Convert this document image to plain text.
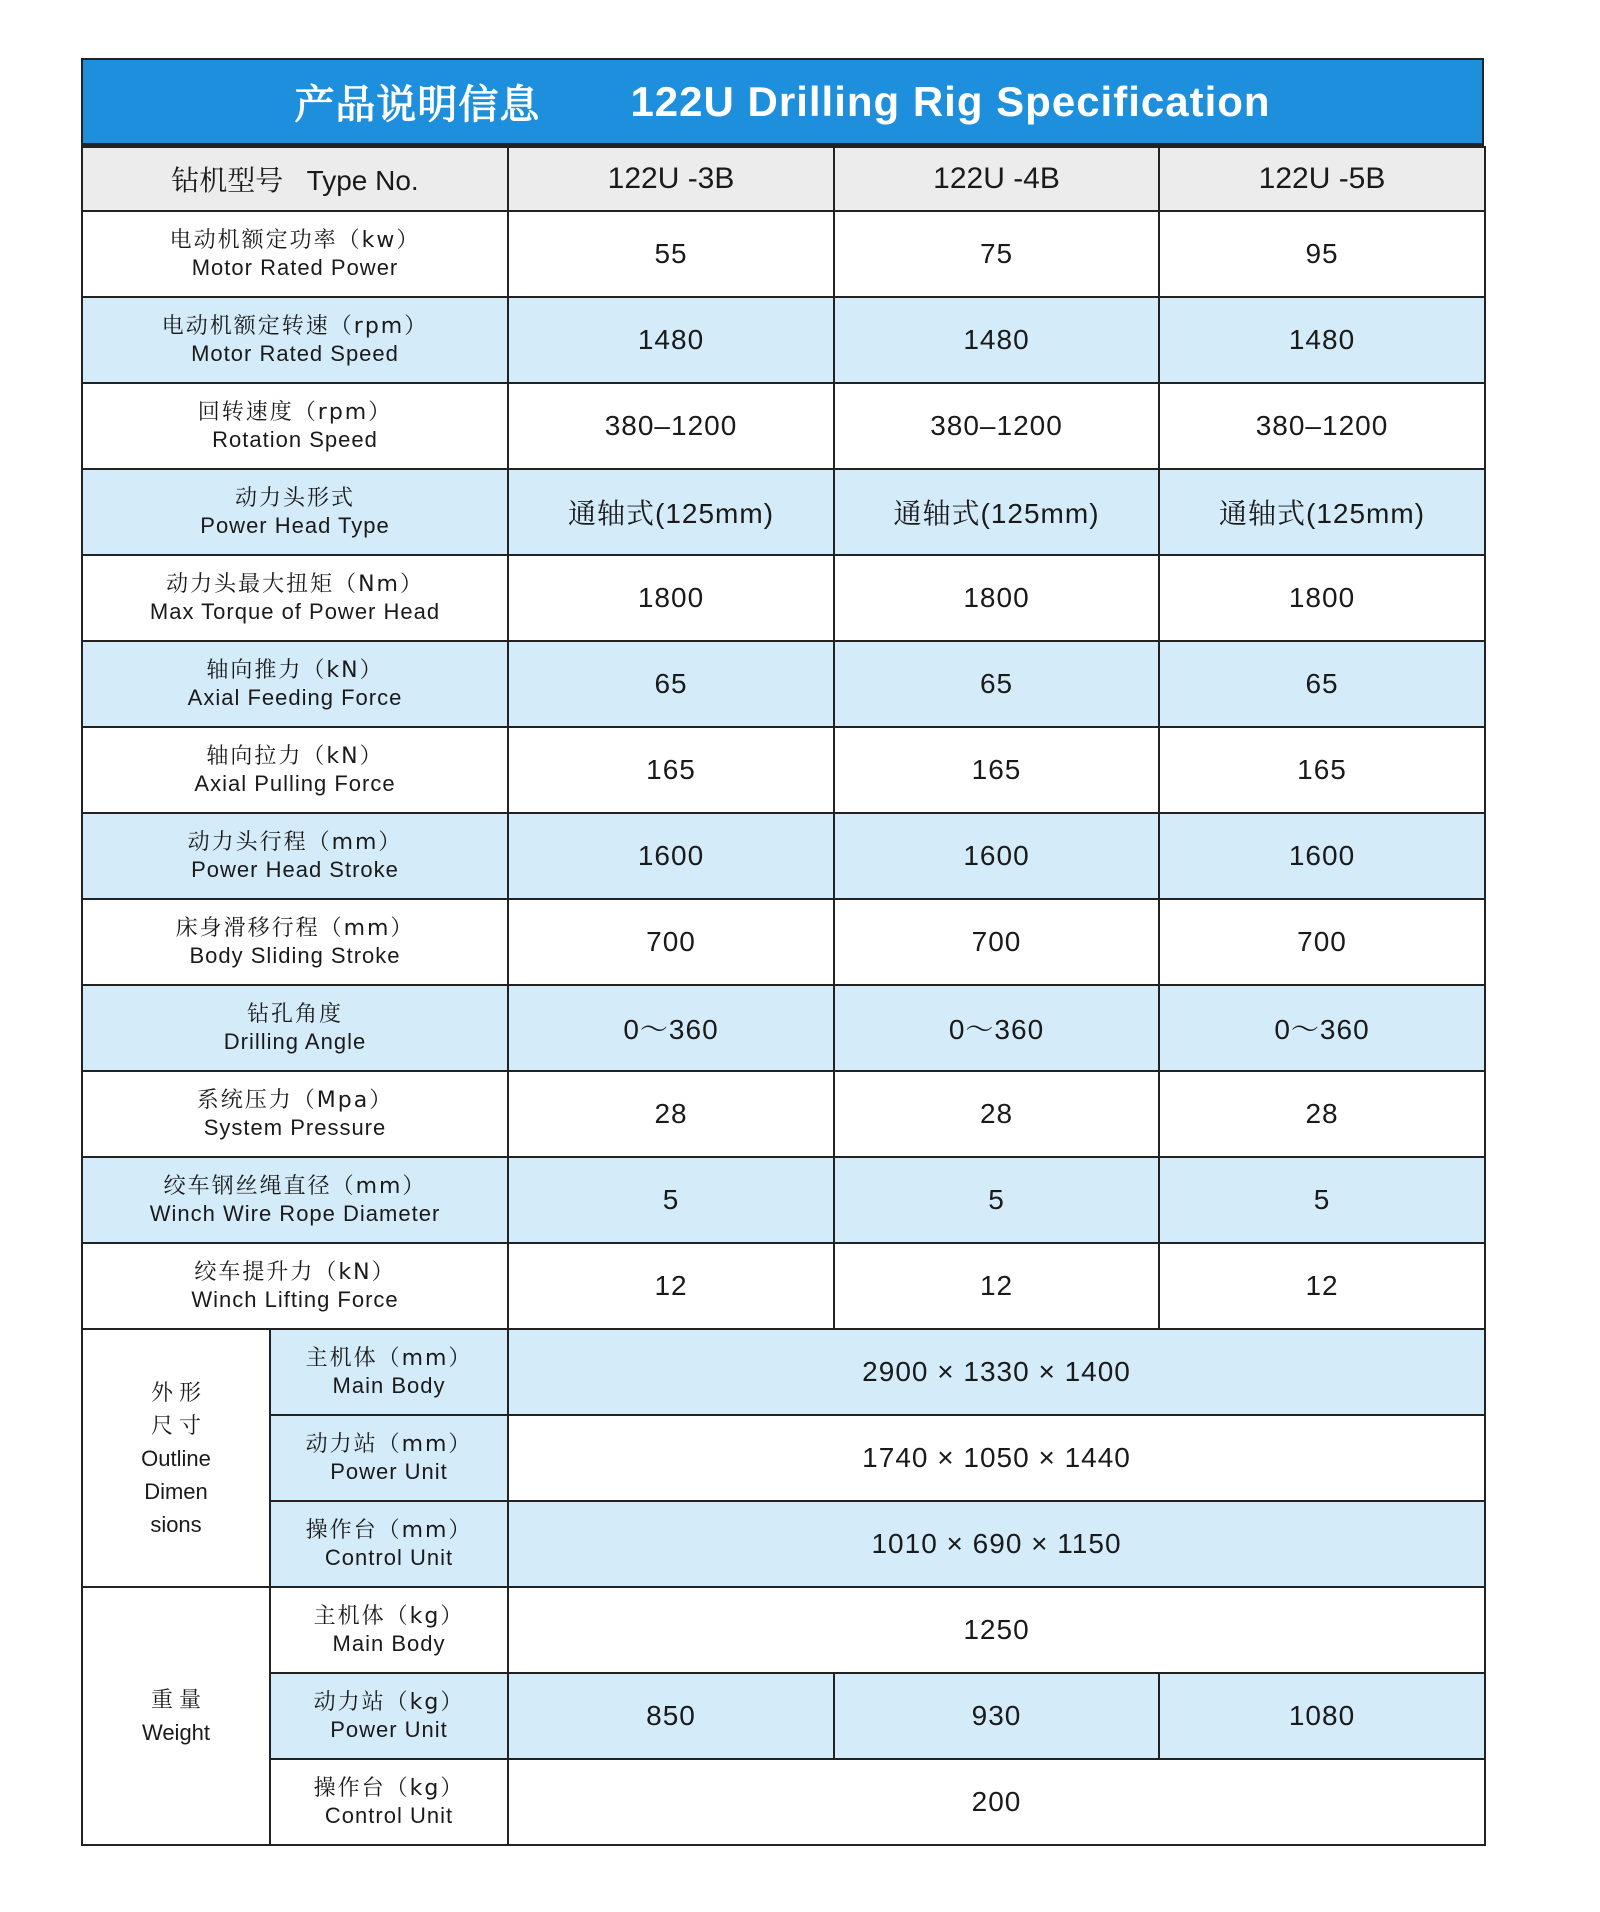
产品说明信息 122U Drilling Rig Specification
钻机型号 Type No.		122U -3B	122U -4B	122U -5B

电动机额定功率（kw）
Motor Rated Power		55	75	95

电动机额定转速（rpm）
Motor Rated Speed		1480	1480	1480

回转速度（rpm）
Rotation Speed		380–1200	380–1200	380–1200

动力头形式
Power Head Type		通轴式(125mm)	通轴式(125mm)	通轴式(125mm)

动力头最大扭矩（Nm）
Max Torque of Power Head		1800	1800	1800

轴向推力（kN）
Axial Feeding Force		65	65	65

轴向拉力（kN）
Axial Pulling Force		165	165	165

动力头行程（mm）
Power Head Stroke		1600	1600	1600

床身滑移行程（mm）
Body Sliding Stroke		700	700	700

钻孔角度
Drilling Angle		0～360	0～360	0～360

系统压力（Mpa）
System Pressure		28	28	28

绞车钢丝绳直径（mm）
Winch Wire Rope Diameter		5	5	5

绞车提升力（kN）
Winch Lifting Force		12	12	12

外 形
尺 寸
Outline
Dimen
sions	主机体（mm）
Main Body	2900 × 1330 × 1400		

	动力站（mm）
Power Unit	1740 × 1050 × 1440		

	操作台（mm）
Control Unit	1010 × 690 × 1150		

重 量
Weight	主机体（kg）
Main Body	1250		

	动力站（kg）
Power Unit	850	930	1080

	操作台（kg）
Control Unit	200		
